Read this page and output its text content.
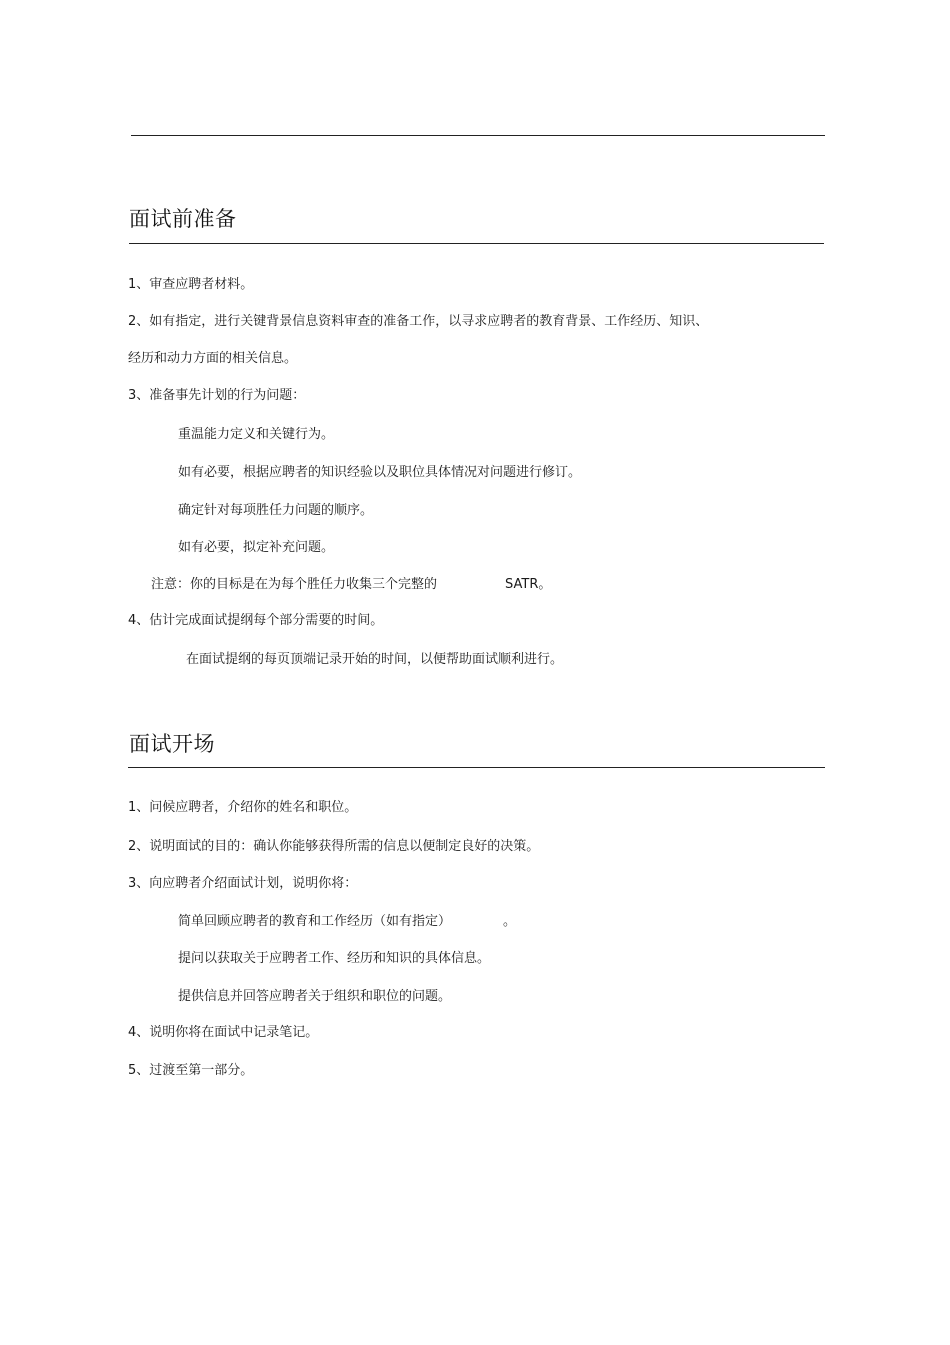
面试前准备
1、审查应聘者材料。
2、如有指定，进行关键背景信息资料审查的准备工作，以寻求应聘者的教育背景、工作经历、知识、
经历和动力方面的相关信息。
3、准备事先计划的行为问题：
重温能力定义和关键行为。
如有必要，根据应聘者的知识经验以及职位具体情况对问题进行修订。
确定针对每项胜任力问题的顺序。
如有必要，拟定补充问题。
注意：你的目标是在为每个胜任力收集三个完整的	SATR。
4、估计完成面试提纲每个部分需要的时间。
在面试提纲的每页顶端记录开始的时间，以便帮助面试顺利进行。
面试开场
1、问候应聘者，介绍你的姓名和职位。
2、说明面试的目的：确认你能够获得所需的信息以便制定良好的决策。
3、向应聘者介绍面试计划，说明你将：
简单回顾应聘者的教育和工作经历（如有指定）	。
提问以获取关于应聘者工作、经历和知识的具体信息。
提供信息并回答应聘者关于组织和职位的问题。
4、说明你将在面试中记录笔记。
5、过渡至第一部分。
